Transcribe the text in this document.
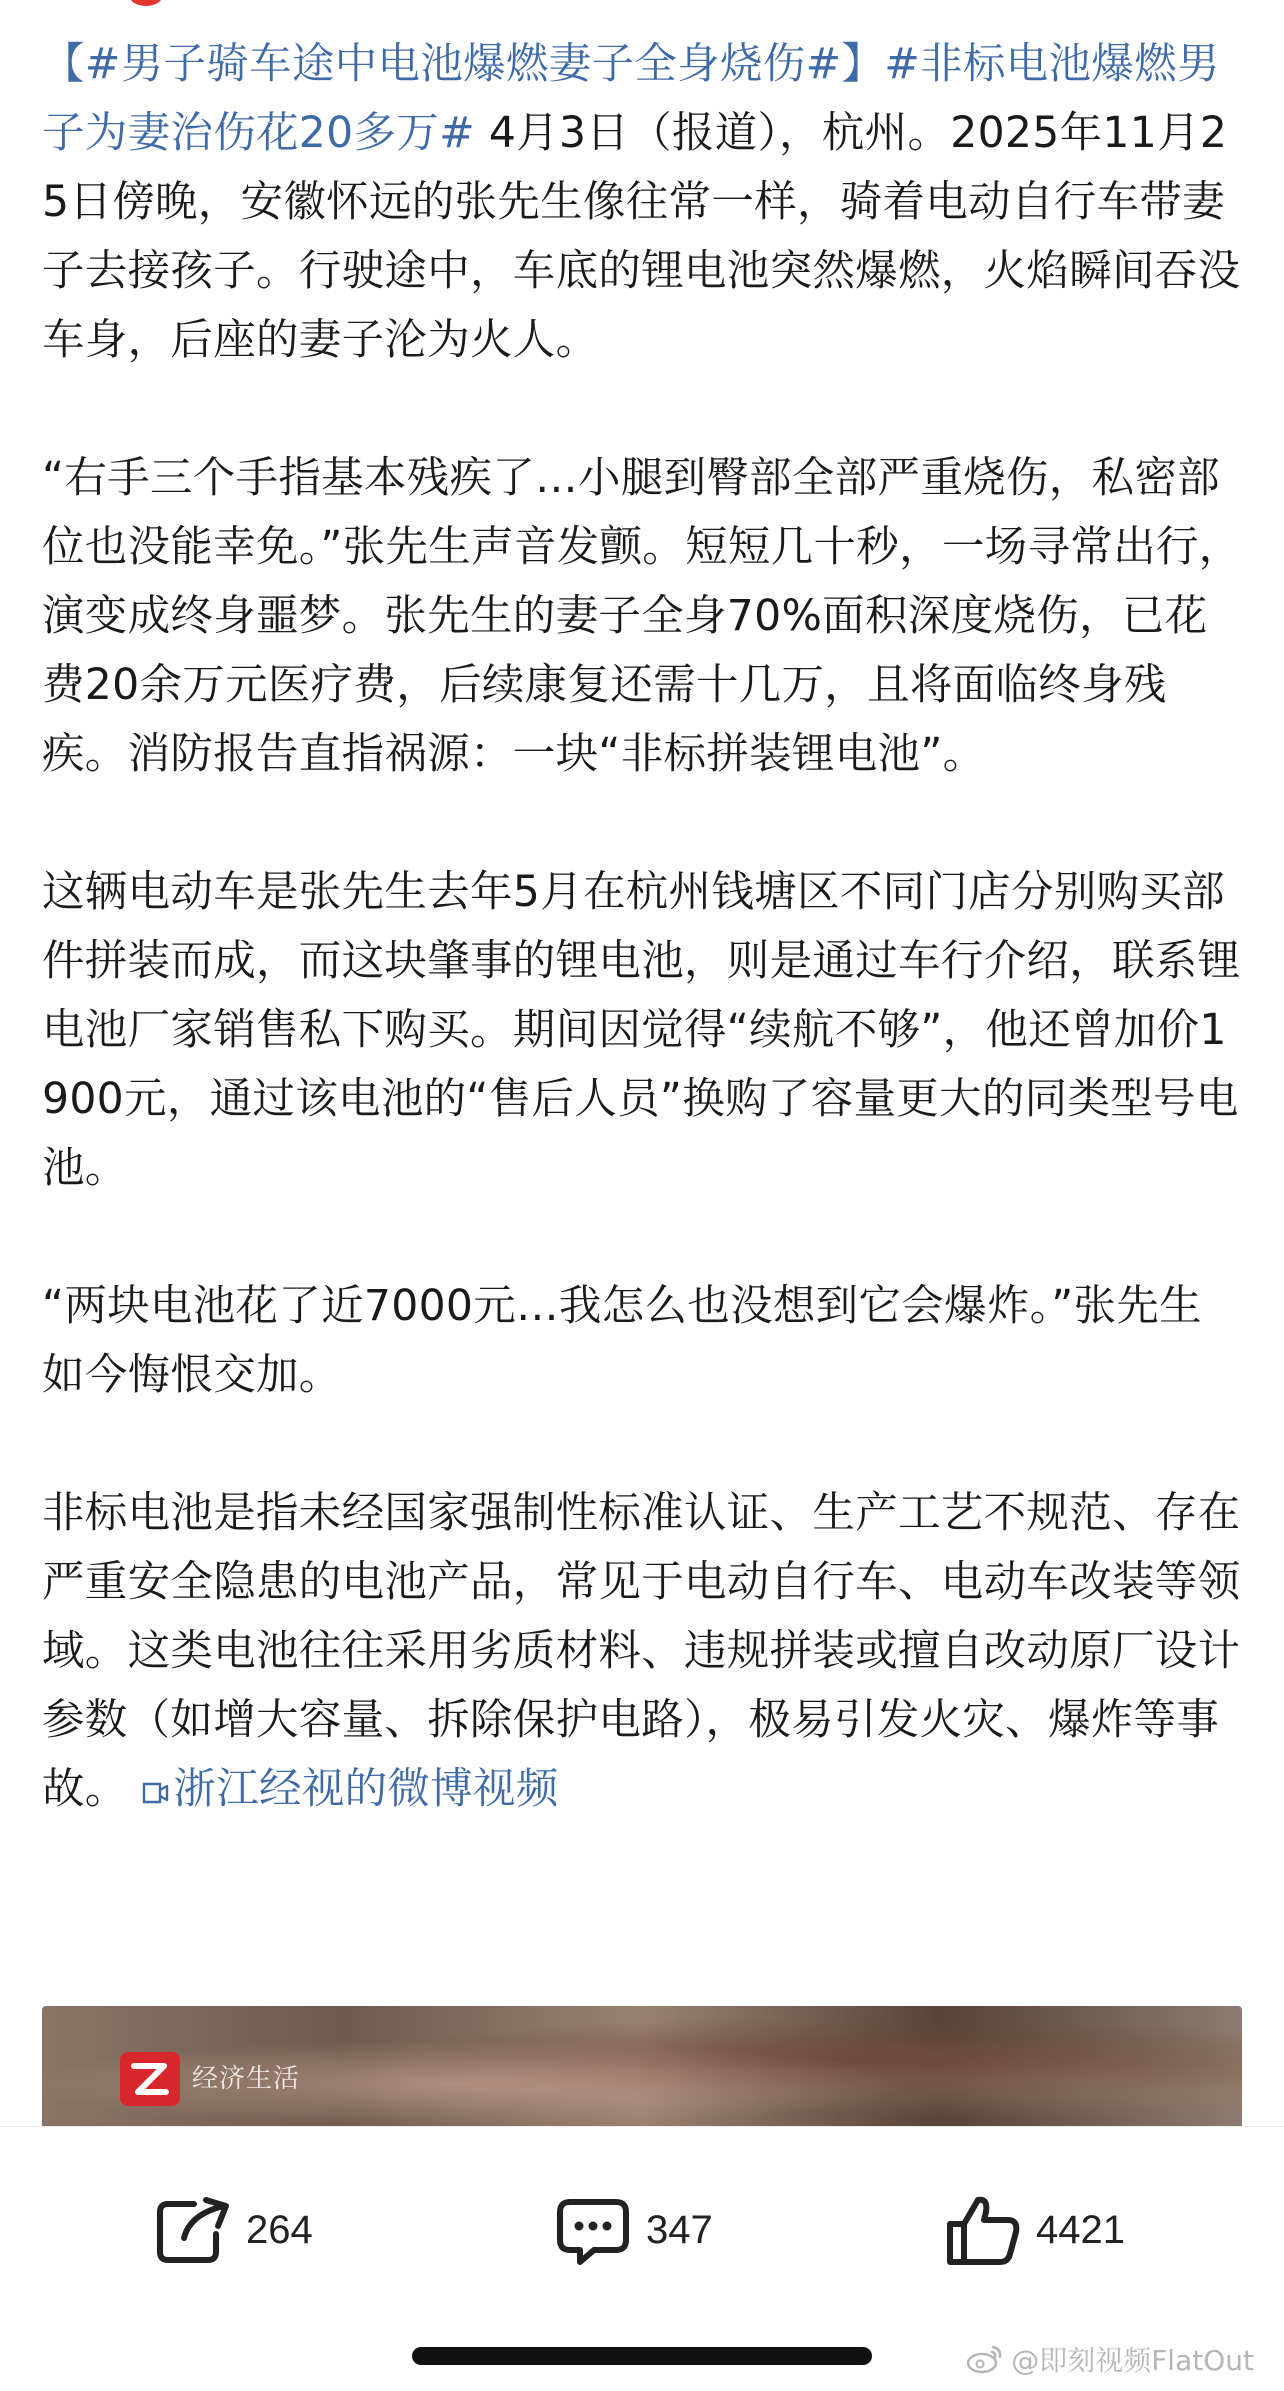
【#男子骑车途中电池爆燃妻子全身烧伤#】#非标电池爆燃男子为妻治伤花20多万# 4月3日（报道），杭州。2025年11月25日傍晚，安徽怀远的张先生像往常一样，骑着电动自行车带妻子去接孩子。行驶途中，车底的锂电池突然爆燃，火焰瞬间吞没车身，后座的妻子沦为火人。

“右手三个手指基本残疾了…小腿到臀部全部严重烧伤，私密部位也没能幸免。”张先生声音发颤。短短几十秒，一场寻常出行，演变成终身噩梦。张先生的妻子全身70%面积深度烧伤，已花费20余万元医疗费，后续康复还需十几万，且将面临终身残疾。消防报告直指祸源：一块“非标拼装锂电池”。

这辆电动车是张先生去年5月在杭州钱塘区不同门店分别购买部件拼装而成，而这块肇事的锂电池，则是通过车行介绍，联系锂电池厂家销售私下购买。期间因觉得“续航不够”，他还曾加价1900元，通过该电池的“售后人员”换购了容量更大的同类型号电池。

“两块电池花了近7000元…我怎么也没想到它会爆炸。”张先生如今悔恨交加。

非标电池是指未经国家强制性标准认证、生产工艺不规范、存在严重安全隐患的电池产品，常见于电动自行车、电动车改装等领域。这类电池往往采用劣质材料、违规拼装或擅自改动原厂设计参数（如增大容量、拆除保护电路），极易引发火灾、爆炸等事故。 浙江经视的微博视频

经济生活
264	347	4421
@即刻视频FlatOut
